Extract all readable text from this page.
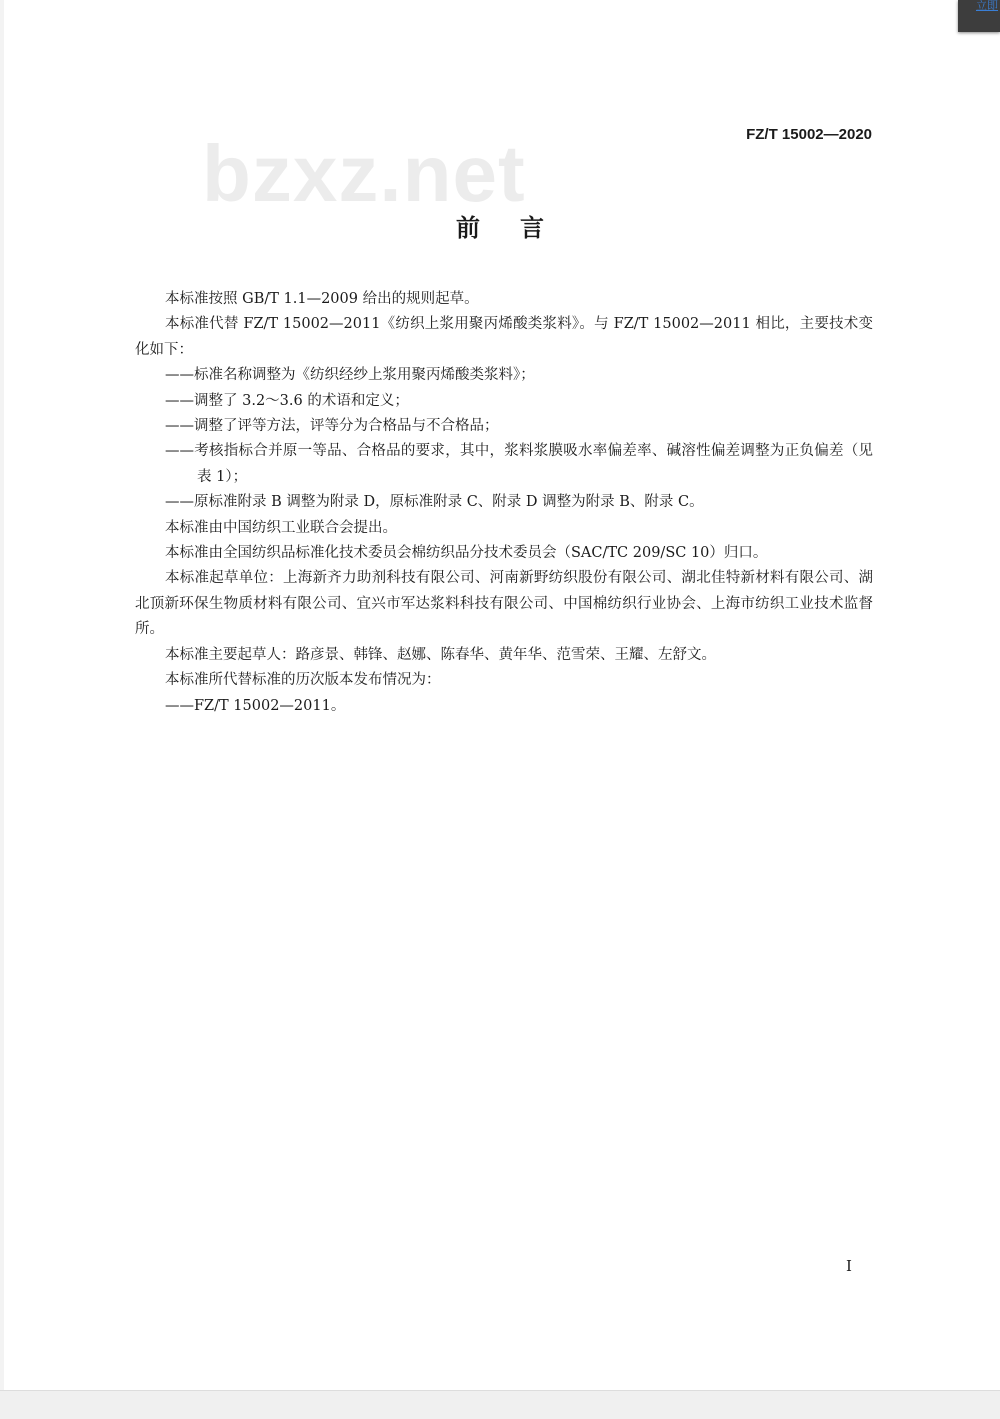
立即
bzxz.net	FZ/T 15002—2020
前言

本标准按照 GB/T 1.1—2009 给出的规则起草。

本标准代替 FZ/T 15002—2011《纺织上浆用聚丙烯酸类浆料》。与 FZ/T 15002—2011 相比，主要技术变化如下：

——标准名称调整为《纺织经纱上浆用聚丙烯酸类浆料》；

——调整了 3.2～3.6 的术语和定义；

——调整了评等方法，评等分为合格品与不合格品；

——考核指标合并原一等品、合格品的要求，其中，浆料浆膜吸水率偏差率、碱溶性偏差调整为正负偏差（见表 1）；

——原标准附录 B 调整为附录 D，原标准附录 C、附录 D 调整为附录 B、附录 C。

本标准由中国纺织工业联合会提出。

本标准由全国纺织品标准化技术委员会棉纺织品分技术委员会（SAC/TC 209/SC 10）归口。

本标准起草单位：上海新齐力助剂科技有限公司、河南新野纺织股份有限公司、湖北佳特新材料有限公司、湖北顶新环保生物质材料有限公司、宜兴市军达浆料科技有限公司、中国棉纺织行业协会、上海市纺织工业技术监督所。

本标准主要起草人：路彦景、韩锋、赵娜、陈春华、黄年华、范雪荣、王耀、左舒文。

本标准所代替标准的历次版本发布情况为：

——FZ/T 15002—2011。

I
